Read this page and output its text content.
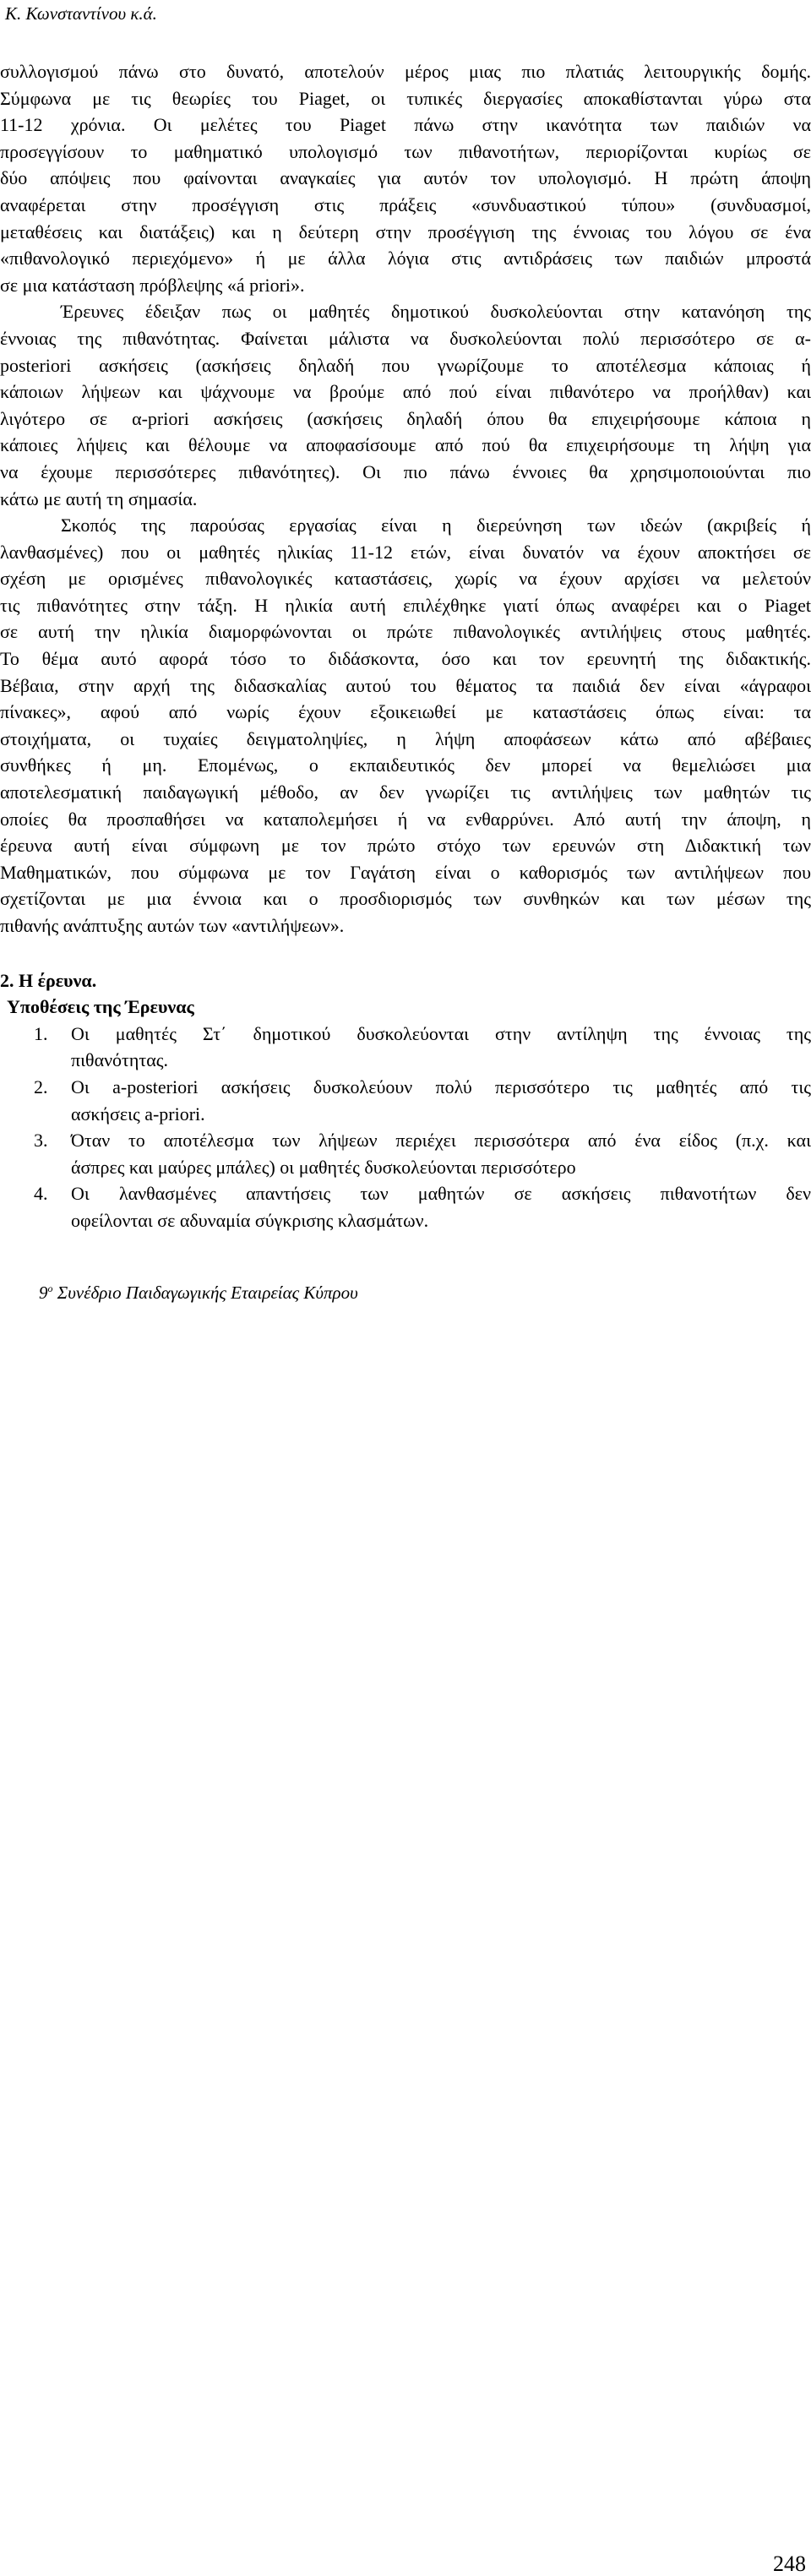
Κ. Κωνσταντίνου κ.ά.
συλλογισμού πάνω στο δυνατό, αποτελούν μέρος μιας πιο πλατιάς λειτουργικής δομής.
Σύμφωνα με τις θεωρίες του Piaget, οι τυπικές διεργασίες αποκαθίστανται γύρω στα
11-12 χρόνια. Οι μελέτες του Piaget πάνω στην ικανότητα των παιδιών να
προσεγγίσουν το μαθηματικό υπολογισμό των πιθανοτήτων, περιορίζονται κυρίως σε
δύο απόψεις που φαίνονται αναγκαίες για αυτόν τον υπολογισμό. Η πρώτη άποψη
αναφέρεται στην προσέγγιση στις πράξεις «συνδυαστικού τύπου» (συνδυασμοί,
μεταθέσεις και διατάξεις) και η δεύτερη στην προσέγγιση της έννοιας του λόγου σε ένα
«πιθανολογικό περιεχόμενο» ή με άλλα λόγια στις αντιδράσεις των παιδιών μπροστά
σε μια κατάσταση πρόβλεψης «á priori».
Έρευνες έδειξαν πως οι μαθητές δημοτικού δυσκολεύονται στην κατανόηση της
έννοιας της πιθανότητας. Φαίνεται μάλιστα να δυσκολεύονται πολύ περισσότερο σε α-
posteriori ασκήσεις (ασκήσεις δηλαδή που γνωρίζουμε το αποτέλεσμα κάποιας ή
κάποιων λήψεων και ψάχνουμε να βρούμε από πού είναι πιθανότερο να προήλθαν) και
λιγότερο σε α-priori ασκήσεις (ασκήσεις δηλαδή όπου θα επιχειρήσουμε κάποια η
κάποιες λήψεις και θέλουμε να αποφασίσουμε από πού θα επιχειρήσουμε τη λήψη για
να έχουμε περισσότερες πιθανότητες). Οι πιο πάνω έννοιες θα χρησιμοποιούνται πιο
κάτω με αυτή τη σημασία.
Σκοπός της παρούσας εργασίας είναι η διερεύνηση των ιδεών (ακριβείς ή
λανθασμένες) που οι μαθητές ηλικίας 11-12 ετών, είναι δυνατόν να έχουν αποκτήσει σε
σχέση με ορισμένες πιθανολογικές καταστάσεις, χωρίς να έχουν αρχίσει να μελετούν
τις πιθανότητες στην τάξη. Η ηλικία αυτή επιλέχθηκε γιατί όπως αναφέρει και ο Piaget
σε αυτή την ηλικία διαμορφώνονται οι πρώτε πιθανολογικές αντιλήψεις στους μαθητές.
Το θέμα αυτό αφορά τόσο το διδάσκοντα, όσο και τον ερευνητή της διδακτικής.
Βέβαια, στην αρχή της διδασκαλίας αυτού του θέματος τα παιδιά δεν είναι «άγραφοι
πίνακες», αφού από νωρίς έχουν εξοικειωθεί με καταστάσεις όπως είναι: τα
στοιχήματα, οι τυχαίες δειγματοληψίες, η λήψη αποφάσεων κάτω από αβέβαιες
συνθήκες ή μη. Επομένως, ο εκπαιδευτικός δεν μπορεί να θεμελιώσει μια
αποτελεσματική παιδαγωγική μέθοδο, αν δεν γνωρίζει τις αντιλήψεις των μαθητών τις
οποίες θα προσπαθήσει να καταπολεμήσει ή να ενθαρρύνει. Από αυτή την άποψη, η
έρευνα αυτή είναι σύμφωνη με τον πρώτο στόχο των ερευνών στη Διδακτική των
Μαθηματικών, που σύμφωνα με τον Γαγάτση είναι ο καθορισμός των αντιλήψεων που
σχετίζονται με μια έννοια και ο προσδιορισμός των συνθηκών και των μέσων της
πιθανής ανάπτυξης αυτών των «αντιλήψεων».
2. Η έρευνα.
Υποθέσεις της Έρευνας
1. Οι μαθητές Στ΄ δημοτικού δυσκολεύονται στην αντίληψη της έννοιας της
πιθανότητας.
2. Οι a-posteriori ασκήσεις δυσκολεύουν πολύ περισσότερο τις μαθητές από τις
ασκήσεις a-priori.
3. Όταν το αποτέλεσμα των λήψεων περιέχει περισσότερα από ένα είδος (π.χ. και
άσπρες και μαύρες μπάλες) οι μαθητές δυσκολεύονται περισσότερο
4. Οι λανθασμένες απαντήσεις των μαθητών σε ασκήσεις πιθανοτήτων δεν
οφείλονται σε αδυναμία σύγκρισης κλασμάτων.
$9^o$ Συνέδριο Παιδαγωγικής Εταιρείας Κύπρου
248
